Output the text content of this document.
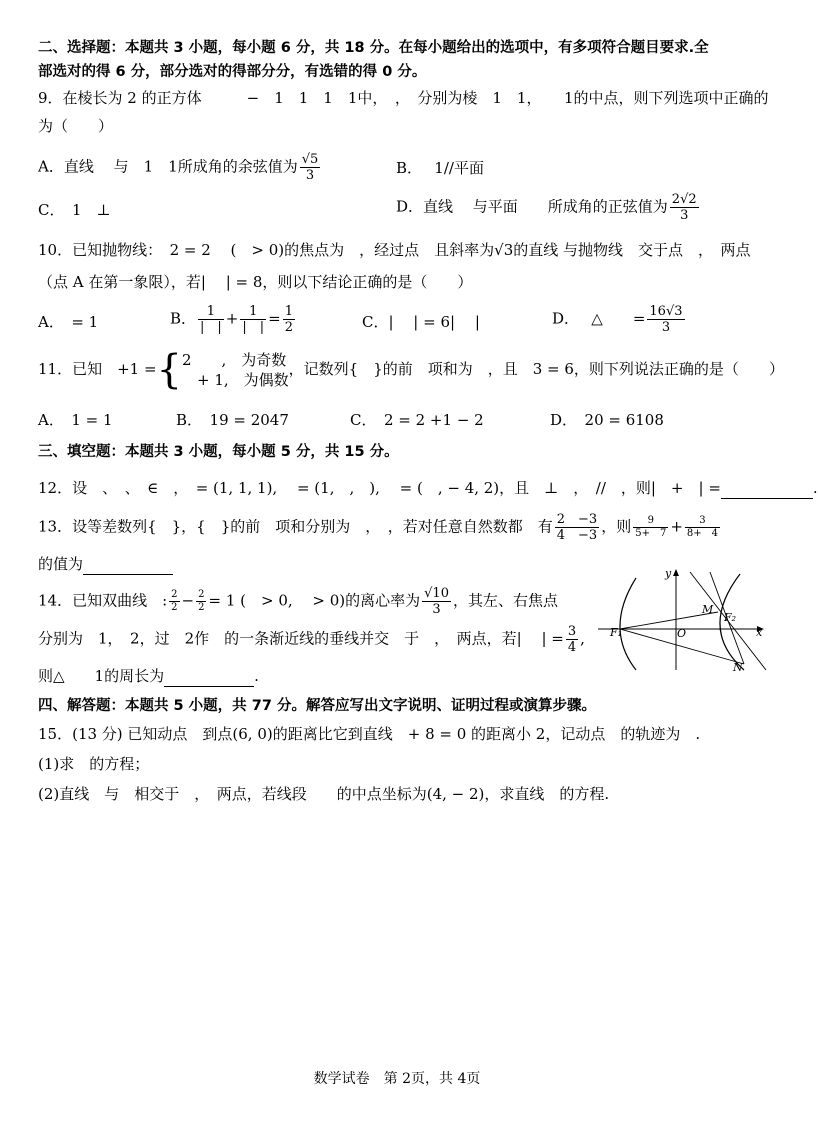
二、选择题：本题共 3 小题，每小题 6 分，共 18 分。在每小题给出的选项中，有多项符合题目要求.全
部选对的得 6 分，部分选对的得部分分，有选错的得 0 分。
9．在棱长为 2 的正方体　　　−　1　1　1　1中，　，　分别为棱　1　1，　　1的中点，则下列选项中正确的
为（　　）
A．直线　 与　1　1所成角的余弦值为 $\frac{√5}{3}$	B．　 1//平面
C．　1　⊥	D．直线　 与平面　　所成角的正弦值为 $\frac{2√2}{3}$
10．已知抛物线：　2 = 2　 (　> 0)的焦点为　，经过点　且斜率为√3的直线 与抛物线　交于点　，　两点
（点 A 在第一象限），若|　 | = 8，则以下结论正确的是（　　）
A．　= 1	B． $\frac{1}{| |} + \frac{1}{| |} = \frac{1}{2}$	C．|　 | = 6|　 |	D．　 △　　= $\frac{16√3}{3}$
11．已知　+1 ={ 2　　,　为奇数
　+ 1,　为偶数
，记数列{　}的前　项和为　，且　3 = 6，则下列说法正确的是（　　）
A．　1 = 1	B．　19 = 2047	C．　2 = 2 +1 − 2	D．　20 = 6108
三、填空题：本题共 3 小题，每小题 5 分，共 15 分。
12．设　、　、　∈　，　= (1, 1, 1),　 = (1,　,　),　 = (　, − 4, 2)，且　⊥　，　//　，则|　+　| =	.
13．设等差数列{　}，{　}的前　项和分别为　，　，若对任意自然数都　有 $\frac{2 -3}{4 -3}$ ，则 $\frac{9}{5+ 7} + \frac{3}{8+ 4}$
的值为
14．已知双曲线　: $\frac{2}{2} - \frac{2}{2} = 1$ (　> 0,　 > 0)的离心率为 $\frac{√10}{3}$ ，其左、右焦点
分别为　1，　2，过　2作　的一条渐近线的垂线并交　于　，　两点，若|　 | = $\frac{3}{4}$ ,
则△　　1的周长为	.
y
x
M
F₂
F₁	O
N
四、解答题：本题共 5 小题，共 77 分。解答应写出文字说明、证明过程或演算步骤。
15．(13 分) 已知动点　到点(6, 0)的距离比它到直线　+ 8 = 0 的距离小 2，记动点　的轨迹为　.
(1)求　的方程；
(2)直线　与　相交于　，　两点，若线段　　的中点坐标为(4, − 2)，求直线　的方程.
数学试卷　第 2页，共 4页
